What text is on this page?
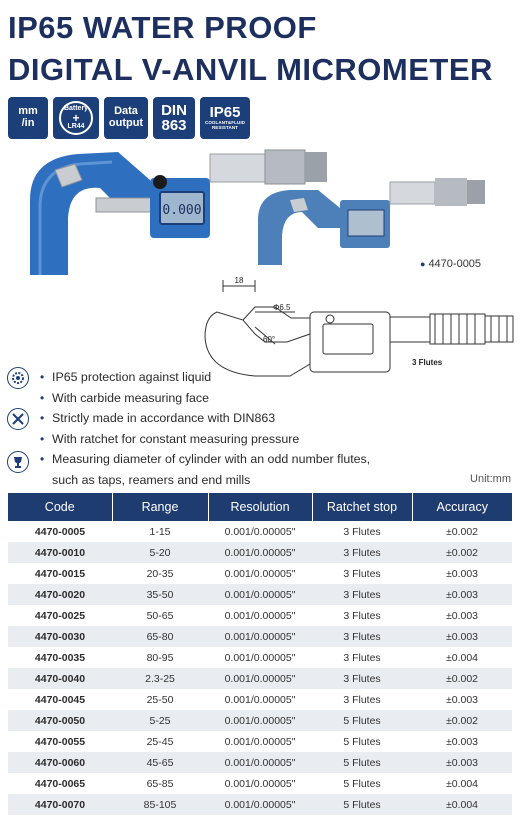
IP65 WATER PROOF
DIGITAL V-ANVIL MICROMETER
mm
/in
Battery
+
LR44
Data
output
DIN
863
IP65
COOLANT&FLUID
RESISTANT
0.000
Dasqua	Dasqua
● 4470-0005
18
Φ6.5
60°
3 Flutes
• IP65 protection against liquid
• With carbide measuring face
• Strictly made in accordance with DIN863
• With ratchet for constant measuring pressure
• Measuring diameter of cylinder with an odd number flutes,
such as taps, reamers and end mills	Unit:mm
Code	Range	Resolution	Ratchet stop	Accuracy
4470-0005	1-15	0.001/0.00005"	3 Flutes	±0.002
4470-0010	5-20	0.001/0.00005"	3 Flutes	±0.002
4470-0015	20-35	0.001/0.00005"	3 Flutes	±0.003
4470-0020	35-50	0.001/0.00005"	3 Flutes	±0.003
4470-0025	50-65	0.001/0.00005"	3 Flutes	±0.003
4470-0030	65-80	0.001/0.00005"	3 Flutes	±0.003
4470-0035	80-95	0.001/0.00005"	3 Flutes	±0.004
4470-0040	2.3-25	0.001/0.00005"	3 Flutes	±0.002
4470-0045	25-50	0.001/0.00005"	3 Flutes	±0.003
4470-0050	5-25	0.001/0.00005"	5 Flutes	±0.002
4470-0055	25-45	0.001/0.00005"	5 Flutes	±0.003
4470-0060	45-65	0.001/0.00005"	5 Flutes	±0.003
4470-0065	65-85	0.001/0.00005"	5 Flutes	±0.004
4470-0070	85-105	0.001/0.00005"	5 Flutes	±0.004
